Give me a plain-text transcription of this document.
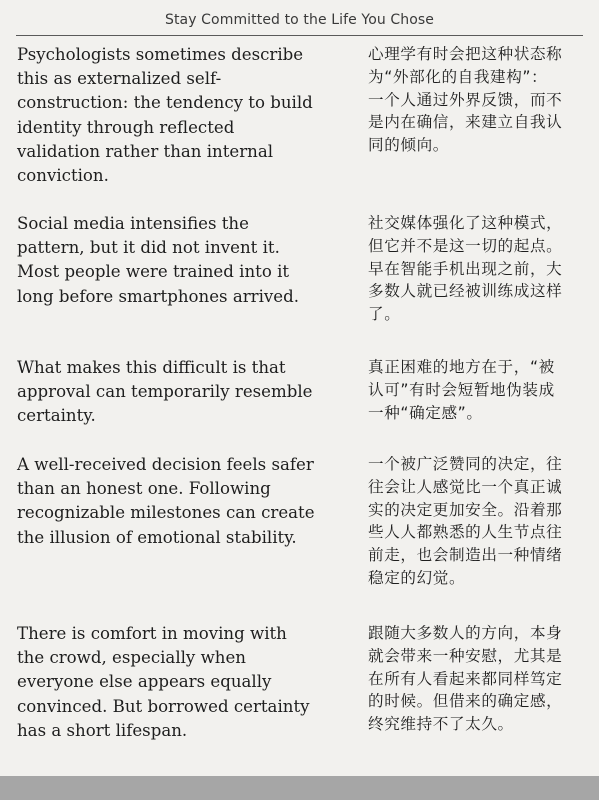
Stay Committed to the Life You Chose

Psychologists sometimes describe
this as externalized self-
construction: the tendency to build
identity through reflected
validation rather than internal
conviction.

心理学有时会把这种状态称
为“外部化的自我建构”：
一个人通过外界反馈，而不
是内在确信，来建立自我认
同的倾向。

Social media intensifies the
pattern, but it did not invent it.
Most people were trained into it
long before smartphones arrived.

社交媒体强化了这种模式，
但它并不是这一切的起点。
早在智能手机出现之前，大
多数人就已经被训练成这样
了。

What makes this difficult is that
approval can temporarily resemble
certainty.

真正困难的地方在于，“被
认可”有时会短暂地伪装成
一种“确定感”。

A well-received decision feels safer
than an honest one. Following
recognizable milestones can create
the illusion of emotional stability.

一个被广泛赞同的决定，往
往会让人感觉比一个真正诚
实的决定更加安全。沿着那
些人人都熟悉的人生节点往
前走，也会制造出一种情绪
稳定的幻觉。

There is comfort in moving with
the crowd, especially when
everyone else appears equally
convinced. But borrowed certainty
has a short lifespan.

跟随大多数人的方向，本身
就会带来一种安慰，尤其是
在所有人看起来都同样笃定
的时候。但借来的确定感，
终究维持不了太久。
